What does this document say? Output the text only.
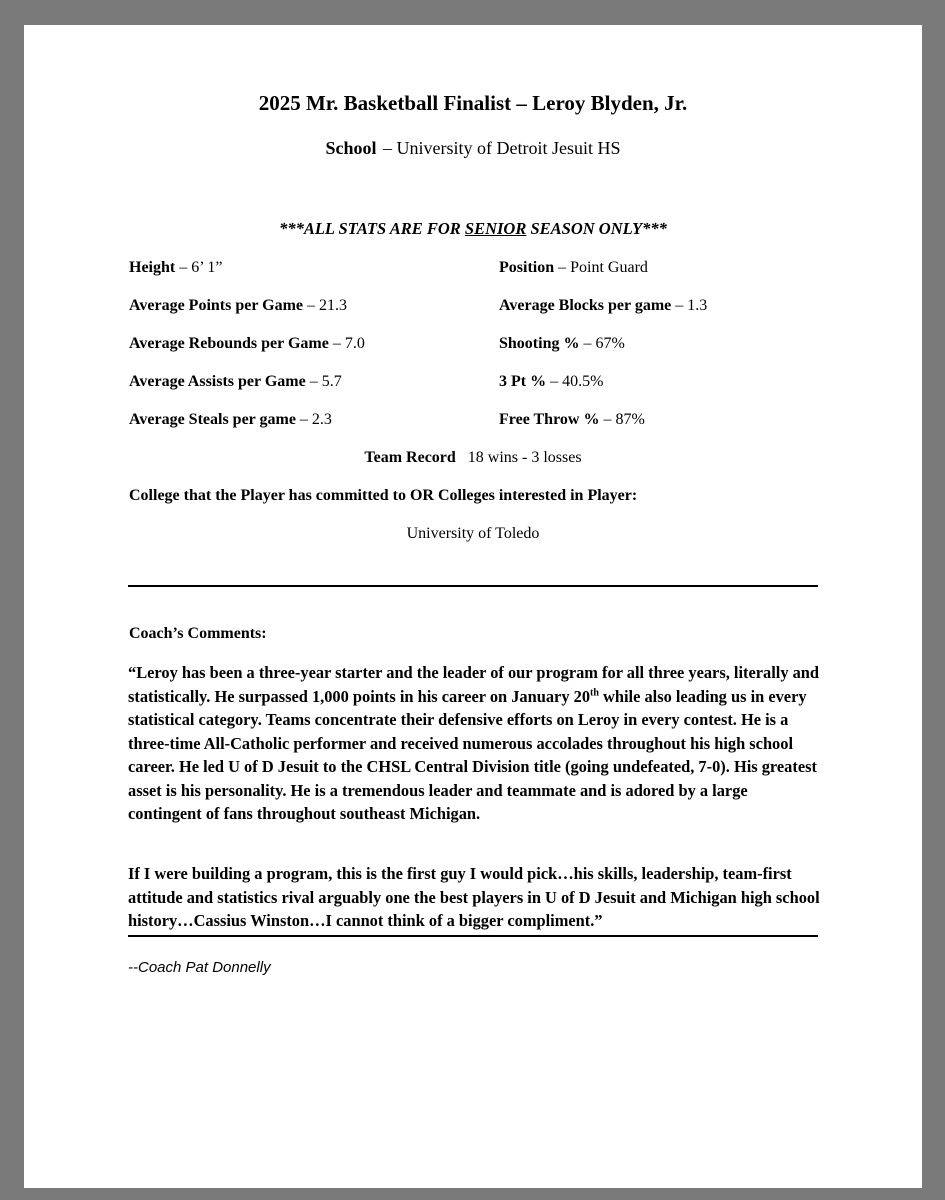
2025 Mr. Basketball Finalist – Leroy Blyden, Jr.

School – University of Detroit Jesuit HS

***ALL STATS ARE FOR SENIOR SEASON ONLY***

Height – 6’ 1”	Position – Point Guard

Average Points per Game – 21.3	Average Blocks per game – 1.3

Average Rebounds per Game – 7.0	Shooting % – 67%

Average Assists per Game – 5.7	3 Pt % – 40.5%

Average Steals per game – 2.3	Free Throw % – 87%

Team Record 18 wins - 3 losses

College that the Player has committed to OR Colleges interested in Player:

University of Toledo

Coach’s Comments:

“Leroy has been a three-year starter and the leader of our program for all three years, literally and statistically. He surpassed 1,000 points in his career on January 20th while also leading us in every statistical category. Teams concentrate their defensive efforts on Leroy in every contest. He is a three-time All-Catholic performer and received numerous accolades throughout his high school career. He led U of D Jesuit to the CHSL Central Division title (going undefeated, 7-0). His greatest asset is his personality. He is a tremendous leader and teammate and is adored by a large contingent of fans throughout southeast Michigan.

If I were building a program, this is the first guy I would pick…his skills, leadership, team-first attitude and statistics rival arguably one the best players in U of D Jesuit and Michigan high school history…Cassius Winston…I cannot think of a bigger compliment.”

--Coach Pat Donnelly
